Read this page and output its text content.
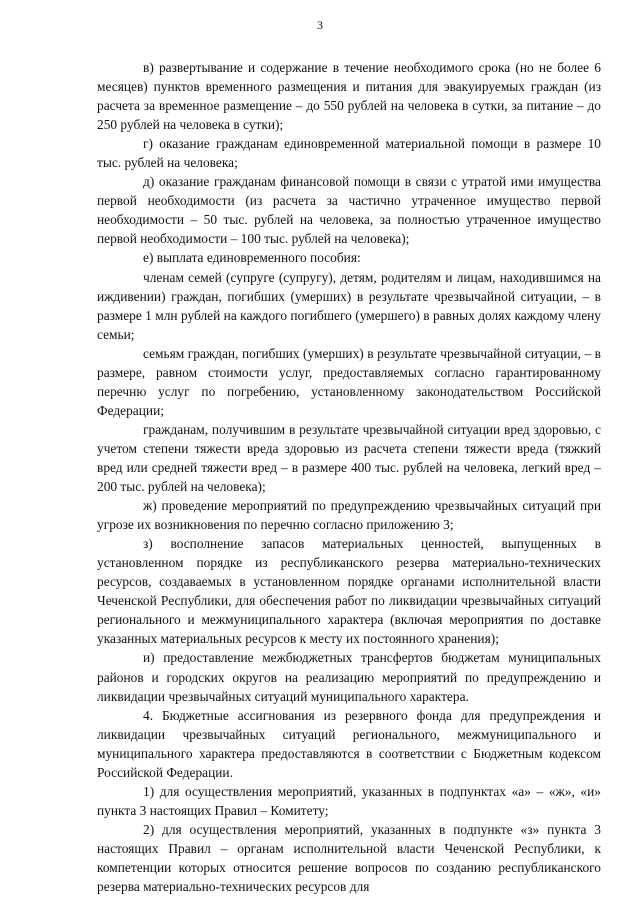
3

в) развертывание и содержание в течение необходимого срока (но не более 6 месяцев) пунктов временного размещения и питания для эвакуируемых граждан (из расчета за временное размещение – до 550 рублей на человека в сутки, за питание – до 250 рублей на человека в сутки);

г) оказание гражданам единовременной материальной помощи в размере 10 тыс. рублей на человека;

д) оказание гражданам финансовой помощи в связи с утратой ими имущества первой необходимости (из расчета за частично утраченное имущество первой необходимости – 50 тыс. рублей на человека, за полностью утраченное имущество первой необходимости – 100 тыс. рублей на человека);

е) выплата единовременного пособия:

членам семей (супруге (супругу), детям, родителям и лицам, находившимся на иждивении) граждан, погибших (умерших) в результате чрезвычайной ситуации, – в размере 1 млн рублей на каждого погибшего (умершего) в равных долях каждому члену семьи;

семьям граждан, погибших (умерших) в результате чрезвычайной ситуации, – в размере, равном стоимости услуг, предоставляемых согласно гарантированному перечню услуг по погребению, установленному законодательством Российской Федерации;

гражданам, получившим в результате чрезвычайной ситуации вред здоровью, с учетом степени тяжести вреда здоровью из расчета степени тяжести вреда (тяжкий вред или средней тяжести вред – в размере 400 тыс. рублей на человека, легкий вред – 200 тыс. рублей на человека);

ж) проведение мероприятий по предупреждению чрезвычайных ситуаций при угрозе их возникновения по перечню согласно приложению 3;

з) восполнение запасов материальных ценностей, выпущенных в установленном порядке из республиканского резерва материально-технических ресурсов, создаваемых в установленном порядке органами исполнительной власти Чеченской Республики, для обеспечения работ по ликвидации чрезвычайных ситуаций регионального и межмуниципального характера (включая мероприятия по доставке указанных материальных ресурсов к месту их постоянного хранения);

и) предоставление межбюджетных трансфертов бюджетам муниципальных районов и городских округов на реализацию мероприятий по предупреждению и ликвидации чрезвычайных ситуаций муниципального характера.

4. Бюджетные ассигнования из резервного фонда для предупреждения и ликвидации чрезвычайных ситуаций регионального, межмуниципального и муниципального характера предоставляются в соответствии с Бюджетным кодексом Российской Федерации.

1) для осуществления мероприятий, указанных в подпунктах «а» – «ж», «и» пункта 3 настоящих Правил – Комитету;

2) для осуществления мероприятий, указанных в подпункте «з» пункта 3 настоящих Правил – органам исполнительной власти Чеченской Республики, к компетенции которых относится решение вопросов по созданию республиканского резерва материально-технических ресурсов для
